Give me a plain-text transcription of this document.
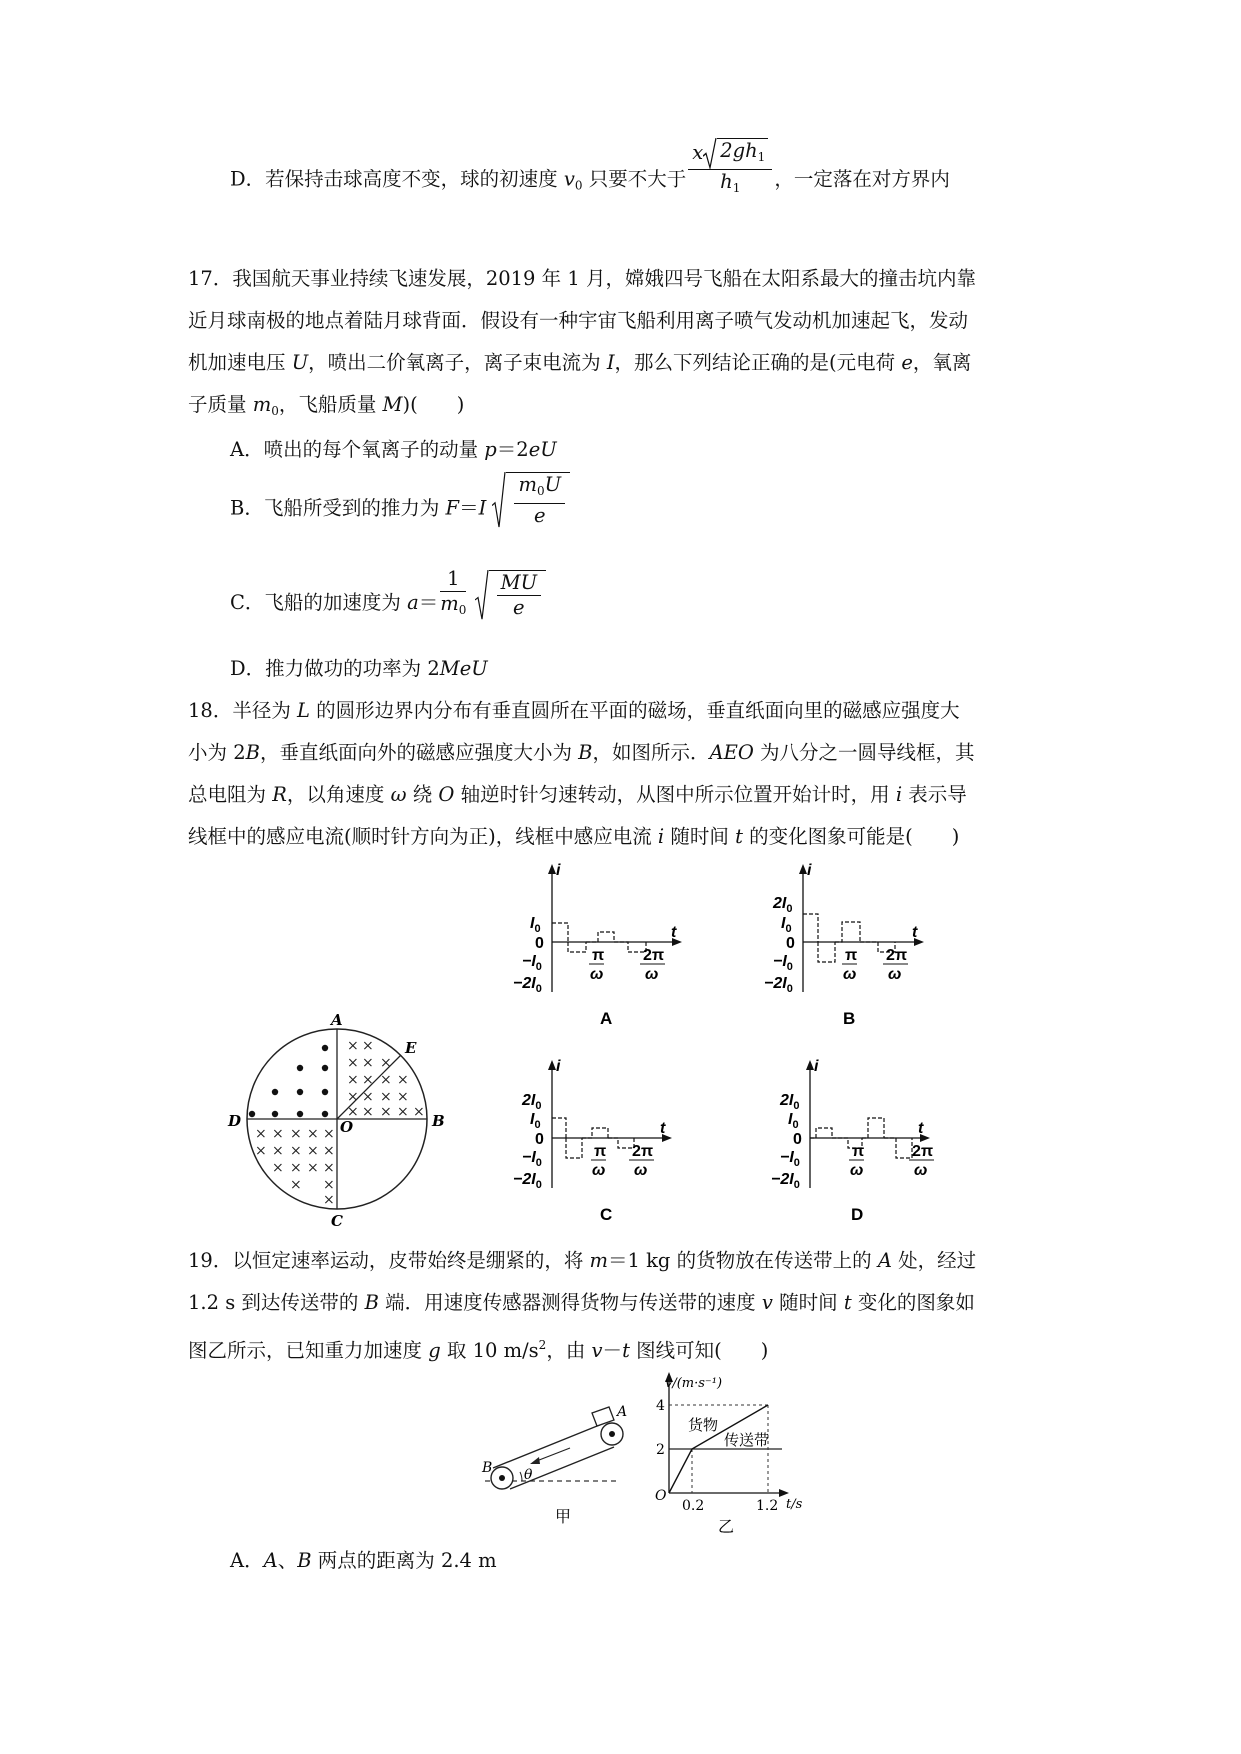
D．若保持击球高度不变，球的初速度 $v_0$ 只要不大于 $\frac{x 2gh_1}{h_1}$ ，一定落在对方界内
17．我国航天事业持续飞速发展，2019 年 1 月，嫦娥四号飞船在太阳系最大的撞击坑内靠
近月球南极的地点着陆月球背面．假设有一种宇宙飞船利用离子喷气发动机加速起飞，发动
机加速电压 U，喷出二价氧离子，离子束电流为 I，那么下列结论正确的是(元电荷 e，氧离
子质量 $m_0$，飞船质量 M)(　　)
A．喷出的每个氧离子的动量 p＝2eU
B．飞船所受到的推力为 $F=I \frac{m_0U}{e}$
C．飞船的加速度为 $a= \frac{1}{m_0}$
$\frac{MU}{e}$
D．推力做功的功率为 2MeU
18．半径为 L 的圆形边界内分布有垂直圆所在平面的磁场，垂直纸面向里的磁感应强度大
小为 2B，垂直纸面向外的磁感应强度大小为 B，如图所示．AEO 为八分之一圆导线框，其
总电阻为 R，以角速度 ω 绕 O 轴逆时针匀速转动，从图中所示位置开始计时，用 i 表示导
线框中的感应电流(顺时针方向为正)，线框中感应电流 i 随时间 t 的变化图象可能是(　　)
× ×
× × ×
× × × ×
× × × ×
× × × × ×
× × × × ×
× × × × ×
× × × ×
× ×
×
A
E
B
D	O
C
i
t
$I_0$
0
$-I_0$
$-2I_0$
π
ω
2π
ω
A
i
t
$2I_0$
$I_0$
0
$-I_0$
$-2I_0$
π
ω
2π
ω
B
i
t
$2I_0$
$I_0$
0
$-I_0$
$-2I_0$
π
ω
2π
ω
C
i
t
$2I_0$
$I_0$
0
$-I_0$
$-2I_0$
π
ω
2π
ω
D
θ
A
B
甲
v/(m·s⁻¹)
t/s
O
4
2
0.2	1.2
货物
传送带
乙
19．以恒定速率运动，皮带始终是绷紧的，将 m＝1 kg 的货物放在传送带上的 A 处，经过
1.2 s 到达传送带的 B 端．用速度传感器测得货物与传送带的速度 v 随时间 t 变化的图象如
图乙所示，已知重力加速度 g 取 10 $m/s^2$，由 v－t 图线可知(　　)
A．A、B 两点的距离为 2.4 m
